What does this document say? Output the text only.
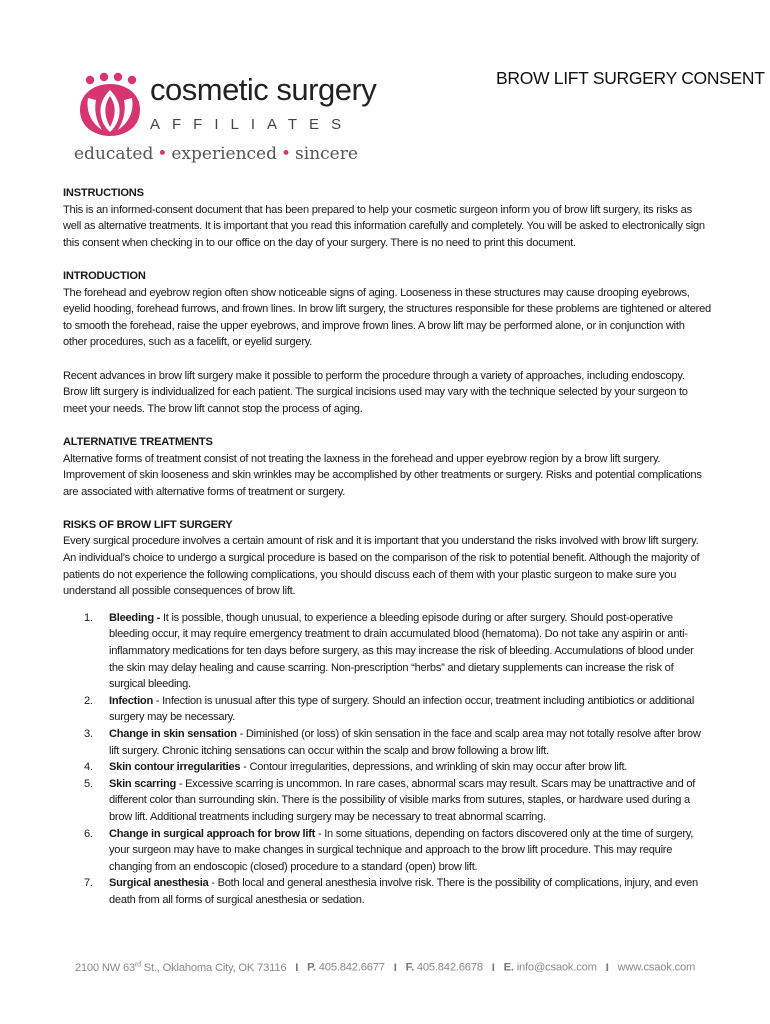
cosmetic surgery
AFFILIATES
educated • experienced • sincere
BROW LIFT SURGERY CONSENT
INSTRUCTIONS

This is an informed-consent document that has been prepared to help your cosmetic surgeon inform you of brow lift surgery, its risks as well as alternative treatments. It is important that you read this information carefully and completely. You will be asked to electronically sign this consent when checking in to our office on the day of your surgery. There is no need to print this document.

INTRODUCTION

The forehead and eyebrow region often show noticeable signs of aging. Looseness in these structures may cause drooping eyebrows, eyelid hooding, forehead furrows, and frown lines. In brow lift surgery, the structures responsible for these problems are tightened or altered to smooth the forehead, raise the upper eyebrows, and improve frown lines. A brow lift may be performed alone, or in conjunction with other procedures, such as a facelift, or eyelid surgery.

Recent advances in brow lift surgery make it possible to perform the procedure through a variety of approaches, including endoscopy. Brow lift surgery is individualized for each patient. The surgical incisions used may vary with the technique selected by your surgeon to meet your needs. The brow lift cannot stop the process of aging.

ALTERNATIVE TREATMENTS

Alternative forms of treatment consist of not treating the laxness in the forehead and upper eyebrow region by a brow lift surgery. Improvement of skin looseness and skin wrinkles may be accomplished by other treatments or surgery. Risks and potential complications are associated with alternative forms of treatment or surgery.

RISKS OF BROW LIFT SURGERY

Every surgical procedure involves a certain amount of risk and it is important that you understand the risks involved with brow lift surgery. An individual’s choice to undergo a surgical procedure is based on the comparison of the risk to potential benefit. Although the majority of patients do not experience the following complications, you should discuss each of them with your plastic surgeon to make sure you understand all possible consequences of brow lift.

1. Bleeding - It is possible, though unusual, to experience a bleeding episode during or after surgery. Should post-operative bleeding occur, it may require emergency treatment to drain accumulated blood (hematoma). Do not take any aspirin or anti-inflammatory medications for ten days before surgery, as this may increase the risk of bleeding. Accumulations of blood under the skin may delay healing and cause scarring. Non-prescription “herbs” and dietary supplements can increase the risk of surgical bleeding.
2. Infection - Infection is unusual after this type of surgery. Should an infection occur, treatment including antibiotics or additional surgery may be necessary.
3. Change in skin sensation - Diminished (or loss) of skin sensation in the face and scalp area may not totally resolve after brow lift surgery. Chronic itching sensations can occur within the scalp and brow following a brow lift.
4. Skin contour irregularities - Contour irregularities, depressions, and wrinkling of skin may occur after brow lift.
5. Skin scarring - Excessive scarring is uncommon. In rare cases, abnormal scars may result. Scars may be unattractive and of different color than surrounding skin. There is the possibility of visible marks from sutures, staples, or hardware used during a brow lift. Additional treatments including surgery may be necessary to treat abnormal scarring.
6. Change in surgical approach for brow lift - In some situations, depending on factors discovered only at the time of surgery, your surgeon may have to make changes in surgical technique and approach to the brow lift procedure. This may require changing from an endoscopic (closed) procedure to a standard (open) brow lift.
7. Surgical anesthesia - Both local and general anesthesia involve risk. There is the possibility of complications, injury, and even death from all forms of surgical anesthesia or sedation.
2100 NW 63rd St., Oklahoma City, OK 73116 I P. 405.842.6677 I F. 405.842.6678 I E. info@csaok.com I www.csaok.com
